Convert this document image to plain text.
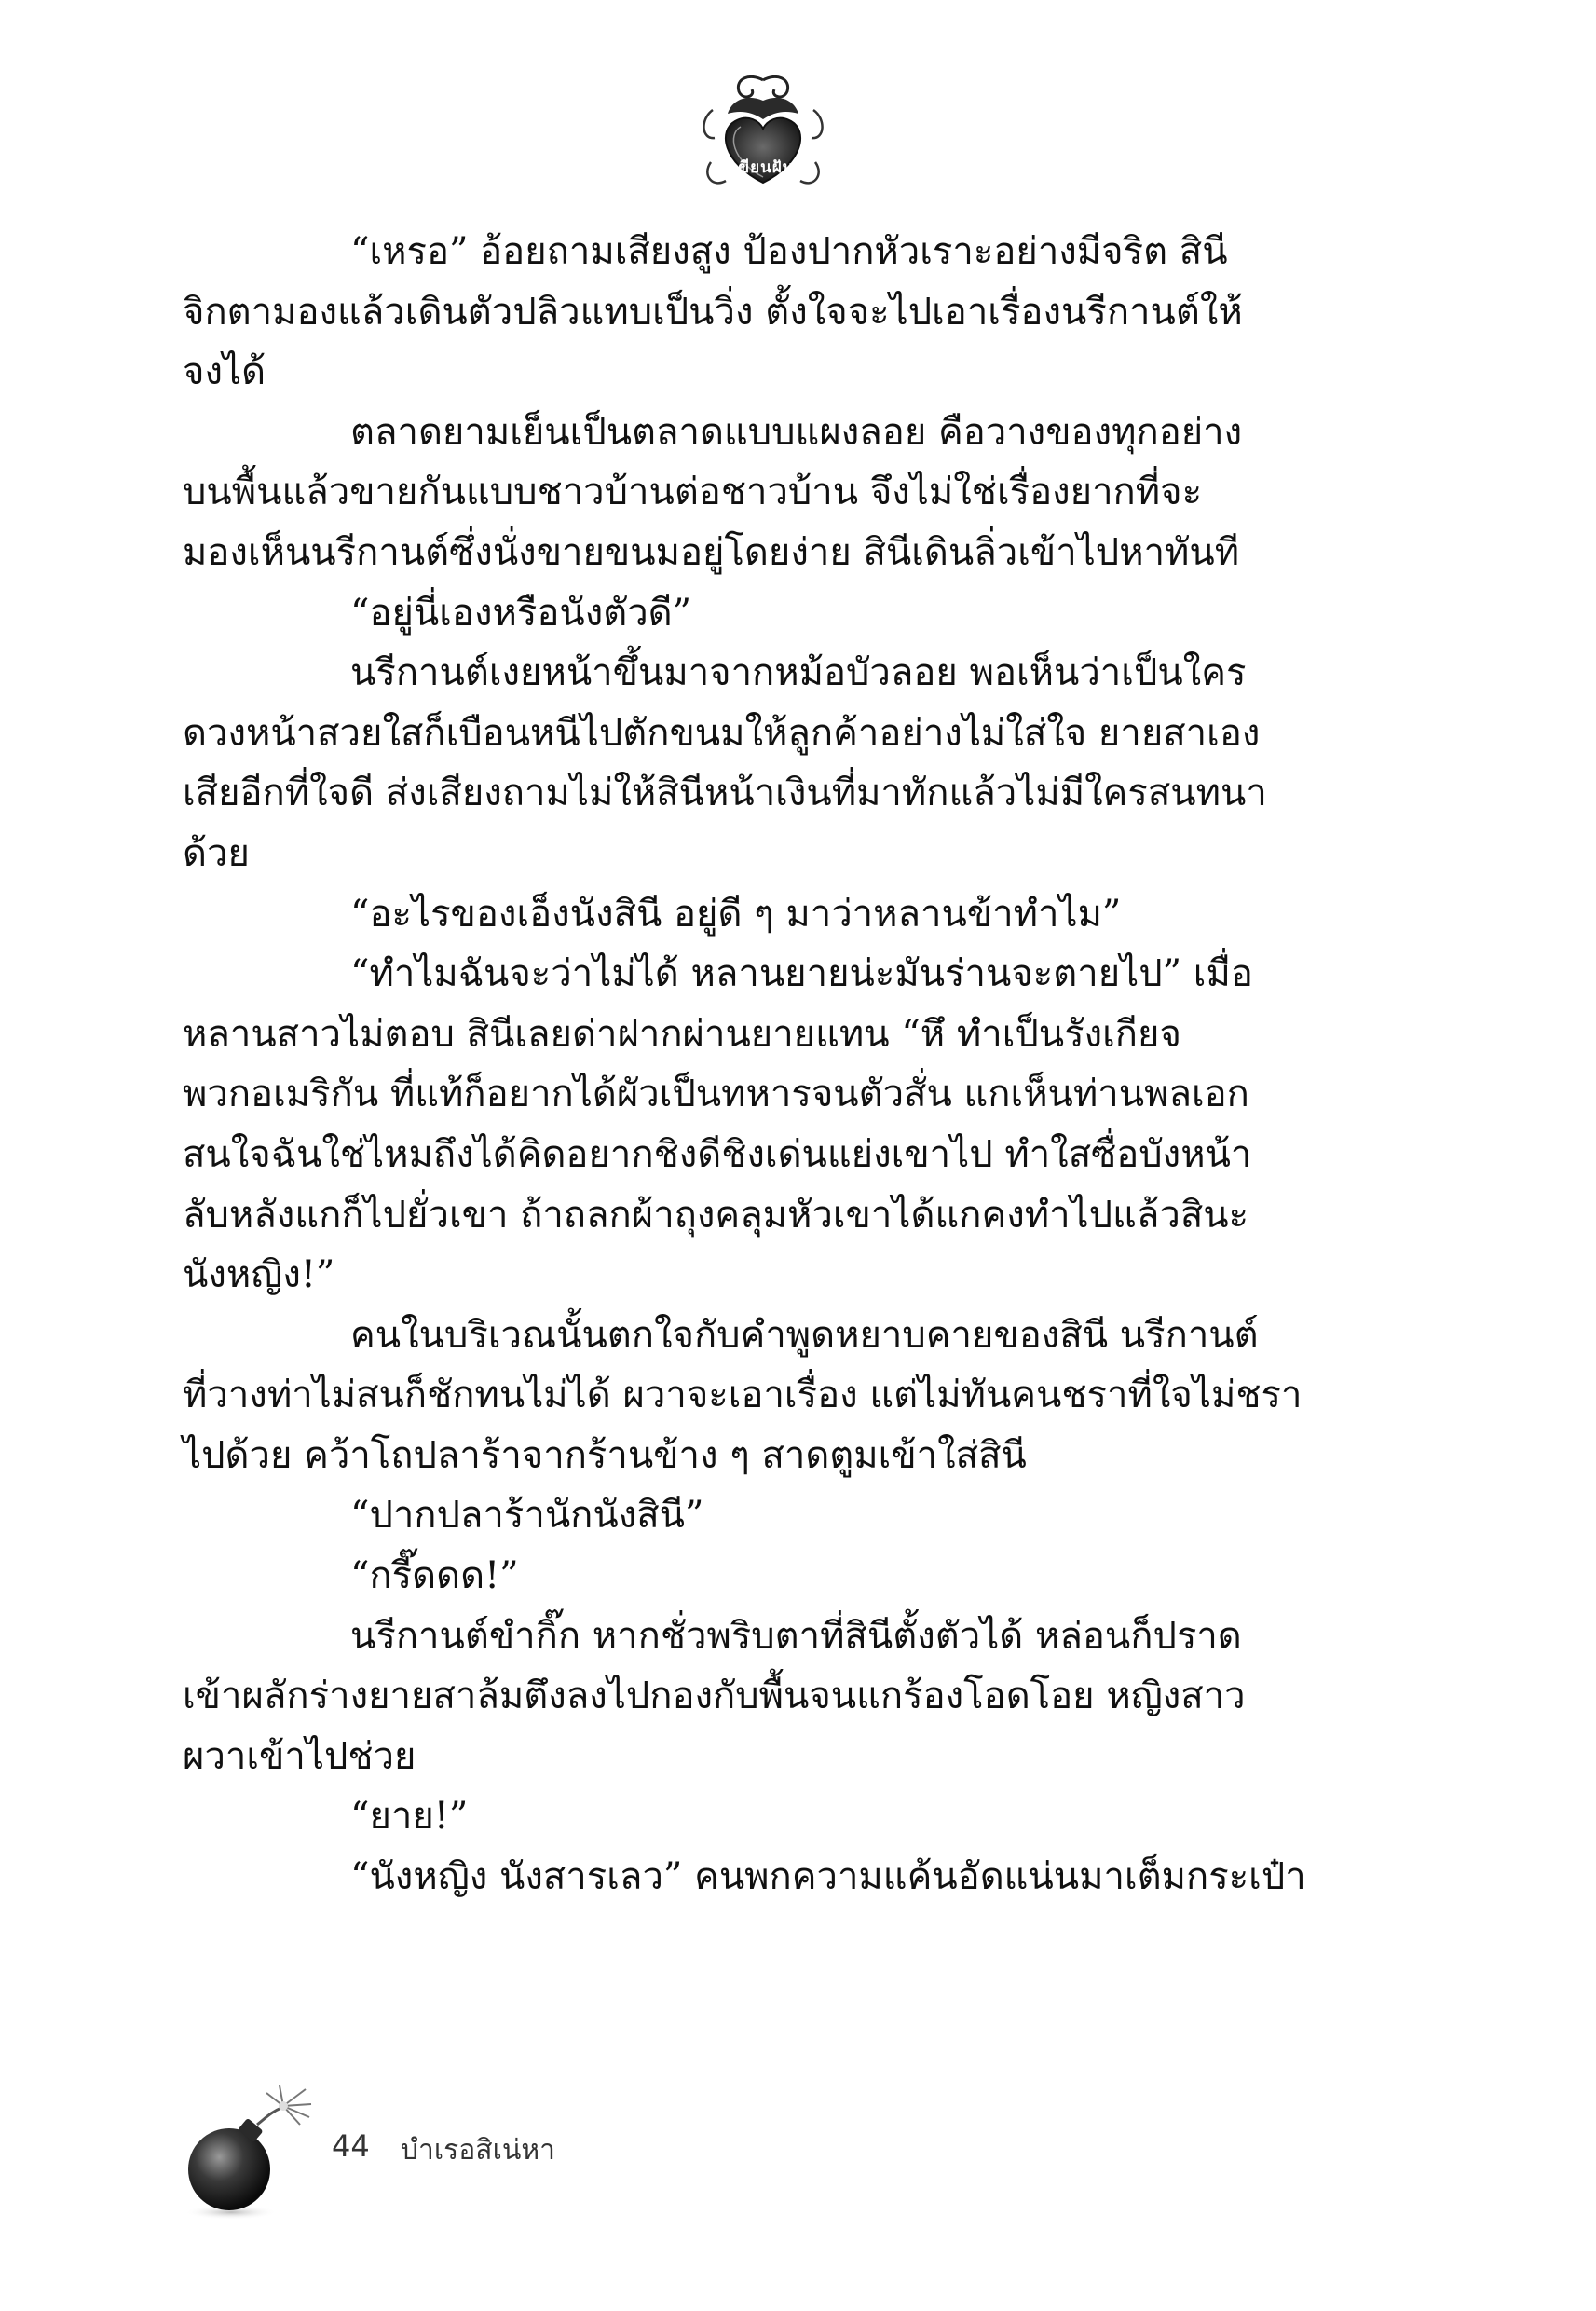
เขียนฝัน

“เหรอ” อ้อยถามเสียงสูง ป้องปากหัวเราะอย่างมีจริต สินี
จิกตามองแล้วเดินตัวปลิวแทบเป็นวิ่ง ตั้งใจจะไปเอาเรื่องนรีกานต์ให้
จงได้

ตลาดยามเย็นเป็นตลาดแบบแผงลอย คือวางของทุกอย่าง
บนพื้นแล้วขายกันแบบชาวบ้านต่อชาวบ้าน จึงไม่ใช่เรื่องยากที่จะ
มองเห็นนรีกานต์ซึ่งนั่งขายขนมอยู่โดยง่าย สินีเดินลิ่วเข้าไปหาทันที

“อยู่นี่เองหรือนังตัวดี”

นรีกานต์เงยหน้าขึ้นมาจากหม้อบัวลอย พอเห็นว่าเป็นใคร
ดวงหน้าสวยใสก็เบือนหนีไปตักขนมให้ลูกค้าอย่างไม่ใส่ใจ ยายสาเอง
เสียอีกที่ใจดี ส่งเสียงถามไม่ให้สินีหน้าเงินที่มาทักแล้วไม่มีใครสนทนา
ด้วย

“อะไรของเอ็งนังสินี อยู่ดี ๆ มาว่าหลานข้าทำไม”

“ทำไมฉันจะว่าไม่ได้ หลานยายน่ะมันร่านจะตายไป” เมื่อ
หลานสาวไม่ตอบ สินีเลยด่าฝากผ่านยายแทน “หึ ทำเป็นรังเกียจ
พวกอเมริกัน ที่แท้ก็อยากได้ผัวเป็นทหารจนตัวสั่น แกเห็นท่านพลเอก
สนใจฉันใช่ไหมถึงได้คิดอยากชิงดีชิงเด่นแย่งเขาไป ทำใสซื่อบังหน้า
ลับหลังแกก็ไปยั่วเขา ถ้าถลกผ้าถุงคลุมหัวเขาได้แกคงทำไปแล้วสินะ
นังหญิง!”

คนในบริเวณนั้นตกใจกับคำพูดหยาบคายของสินี นรีกานต์
ที่วางท่าไม่สนก็ชักทนไม่ได้ ผวาจะเอาเรื่อง แต่ไม่ทันคนชราที่ใจไม่ชรา
ไปด้วย คว้าโถปลาร้าจากร้านข้าง ๆ สาดตูมเข้าใส่สินี

“ปากปลาร้านักนังสินี”

“กรี๊ดดด!”

นรีกานต์ขำกิ๊ก หากชั่วพริบตาที่สินีตั้งตัวได้ หล่อนก็ปราด
เข้าผลักร่างยายสาล้มตึงลงไปกองกับพื้นจนแกร้องโอดโอย หญิงสาว
ผวาเข้าไปช่วย

“ยาย!”

“นังหญิง นังสารเลว” คนพกความแค้นอัดแน่นมาเต็มกระเป๋า

44 บำเรอสิเน่หา
